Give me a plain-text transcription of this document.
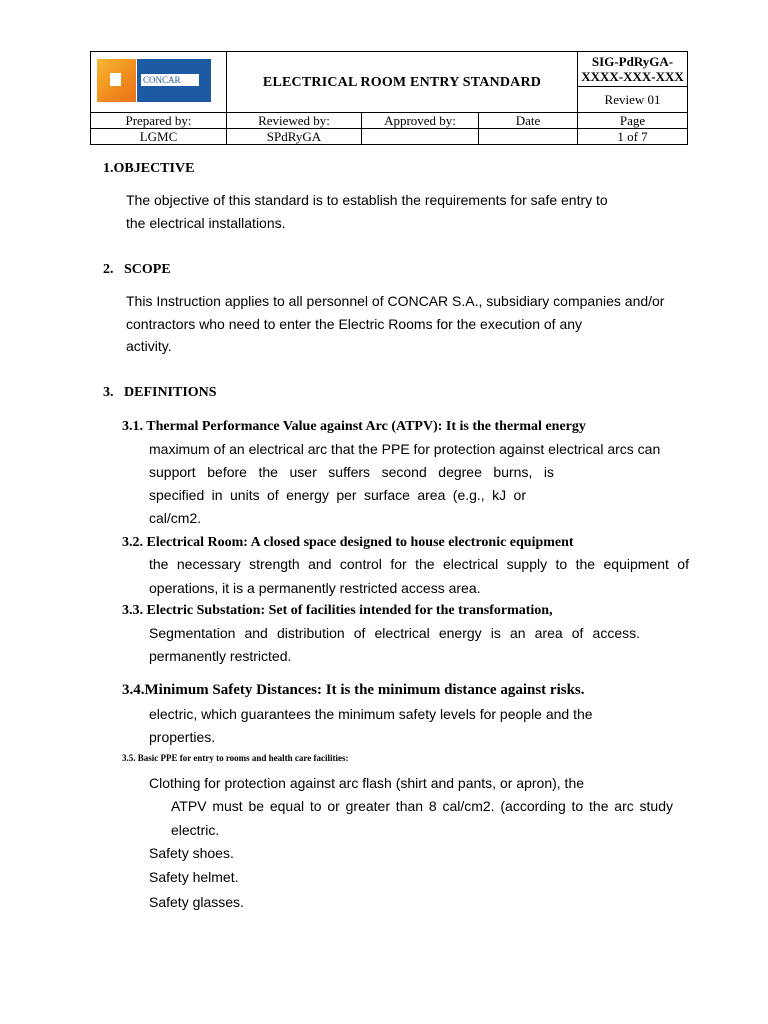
CONCAR	ELECTRICAL ROOM ENTRY STANDARD			SIG-PdRyGA-
XXXX-XXX-XXX

				Review 01
Prepared by:	Reviewed by:	Approved by:	Date	Page
LGMC	SPdRyGA			1 of 7
1.OBJECTIVE
The objective of this standard is to establish the requirements for safe entry to
the electrical installations.
2.   SCOPE
This Instruction applies to all personnel of CONCAR S.A., subsidiary companies and/or
contractors who need to enter the Electric Rooms for the execution of any
activity.
3.   DEFINITIONS
3.1. Thermal Performance Value against Arc (ATPV): It is the thermal energy
maximum of an electrical arc that the PPE for protection against electrical arcs can
support before the user suffers second degree burns, is
specified in units of energy per surface area (e.g., kJ or
cal/cm2.
3.2. Electrical Room: A closed space designed to house electronic equipment
the necessary strength and control for the electrical supply to the equipment of
operations, it is a permanently restricted access area.
3.3. Electric Substation: Set of facilities intended for the transformation,
Segmentation and distribution of electrical energy is an area of access.
permanently restricted.
3.4.Minimum Safety Distances: It is the minimum distance against risks.
electric, which guarantees the minimum safety levels for people and the
properties.
3.5. Basic PPE for entry to rooms and health care facilities:
Clothing for protection against arc flash (shirt and pants, or apron), the
ATPV must be equal to or greater than 8 cal/cm2. (according to the arc study
electric.
Safety shoes.
Safety helmet.
Safety glasses.
